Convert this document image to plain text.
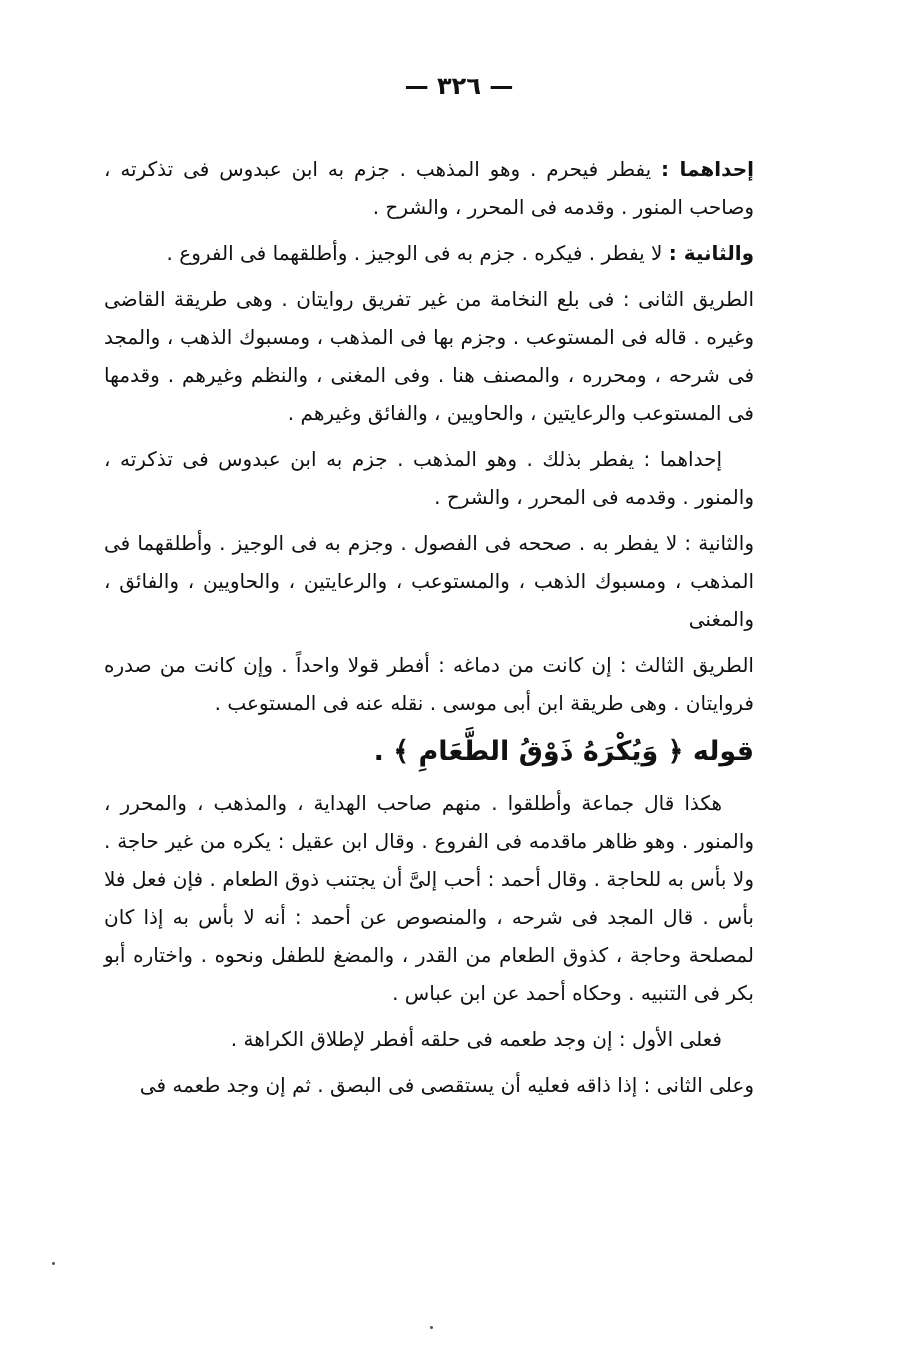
— ٣٢٦ —

إحداهما : يفطر فيحرم . وهو المذهب . جزم به ابن عبدوس فى تذكرته ، وصاحب المنور . وقدمه فى المحرر ، والشرح .

والثانية : لا يفطر . فيكره . جزم به فى الوجيز . وأطلقهما فى الفروع .

الطريق الثانى : فى بلع النخامة من غير تفريق روايتان . وهى طريقة القاضى وغيره . قاله فى المستوعب . وجزم بها فى المذهب ، ومسبوك الذهب ، والمجد فى شرحه ، ومحرره ، والمصنف هنا . وفى المغنى ، والنظم وغيرهم . وقدمها فى المستوعب والرعايتين ، والحاويين ، والفائق وغيرهم .

إحداهما : يفطر بذلك . وهو المذهب . جزم به ابن عبدوس فى تذكرته ، والمنور . وقدمه فى المحرر ، والشرح .

والثانية : لا يفطر به . صححه فى الفصول . وجزم به فى الوجيز . وأطلقهما فى المذهب ، ومسبوك الذهب ، والمستوعب ، والرعايتين ، والحاويين ، والفائق ، والمغنى

الطريق الثالث : إن كانت من دماغه : أفطر قولا واحداً . وإن كانت من صدره فروايتان . وهى طريقة ابن أبى موسى . نقله عنه فى المستوعب .

قوله ﴿ وَيُكْرَهُ ذَوْقُ الطَّعَامِ ﴾ .

هكذا قال جماعة وأطلقوا . منهم صاحب الهداية ، والمذهب ، والمحرر ، والمنور . وهو ظاهر ماقدمه فى الفروع . وقال ابن عقيل : يكره من غير حاجة . ولا بأس به للحاجة . وقال أحمد : أحب إلىَّ أن يجتنب ذوق الطعام . فإن فعل فلا بأس . قال المجد فى شرحه ، والمنصوص عن أحمد : أنه لا بأس به إذا كان لمصلحة وحاجة ، كذوق الطعام من القدر ، والمضغ للطفل ونحوه . واختاره أبو بكر فى التنبيه . وحكاه أحمد عن ابن عباس .

فعلى الأول : إن وجد طعمه فى حلقه أفطر لإطلاق الكراهة .

وعلى الثانى : إذا ذاقه فعليه أن يستقصى فى البصق . ثم إن وجد طعمه فى
